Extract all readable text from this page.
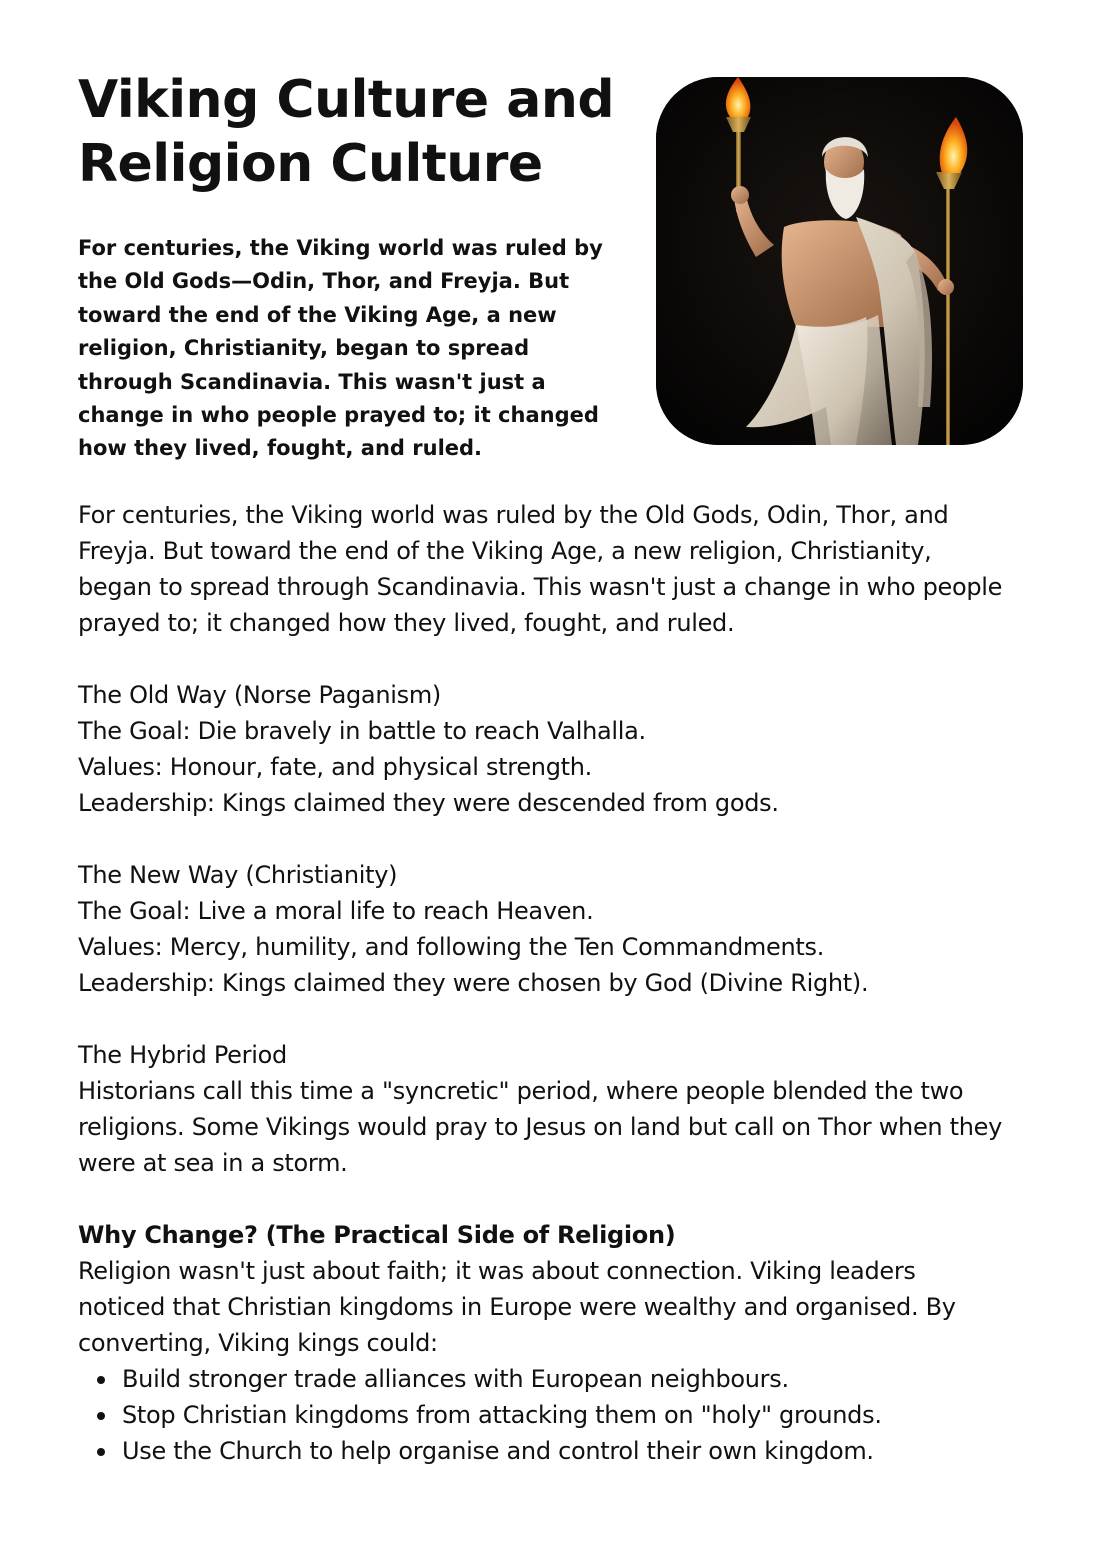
Viking Culture and
Religion Culture

For centuries, the Viking world was ruled by
the Old Gods—Odin, Thor, and Freyja. But
toward the end of the Viking Age, a new
religion, Christianity, began to spread
through Scandinavia. This wasn't just a
change in who people prayed to; it changed
how they lived, fought, and ruled.

For centuries, the Viking world was ruled by the Old Gods, Odin, Thor, and
Freyja. But toward the end of the Viking Age, a new religion, Christianity,
began to spread through Scandinavia. This wasn't just a change in who people
prayed to; it changed how they lived, fought, and ruled.

The Old Way (Norse Paganism)
The Goal: Die bravely in battle to reach Valhalla.
Values: Honour, fate, and physical strength.
Leadership: Kings claimed they were descended from gods.
The New Way (Christianity)
The Goal: Live a moral life to reach Heaven.
Values: Mercy, humility, and following the Ten Commandments.
Leadership: Kings claimed they were chosen by God (Divine Right).
The Hybrid Period
Historians call this time a "syncretic" period, where people blended the two
religions. Some Vikings would pray to Jesus on land but call on Thor when they
were at sea in a storm.
Why Change? (The Practical Side of Religion)
Religion wasn't just about faith; it was about connection. Viking leaders
noticed that Christian kingdoms in Europe were wealthy and organised. By
converting, Viking kings could:
Build stronger trade alliances with European neighbours.
Stop Christian kingdoms from attacking them on "holy" grounds.
Use the Church to help organise and control their own kingdom.
